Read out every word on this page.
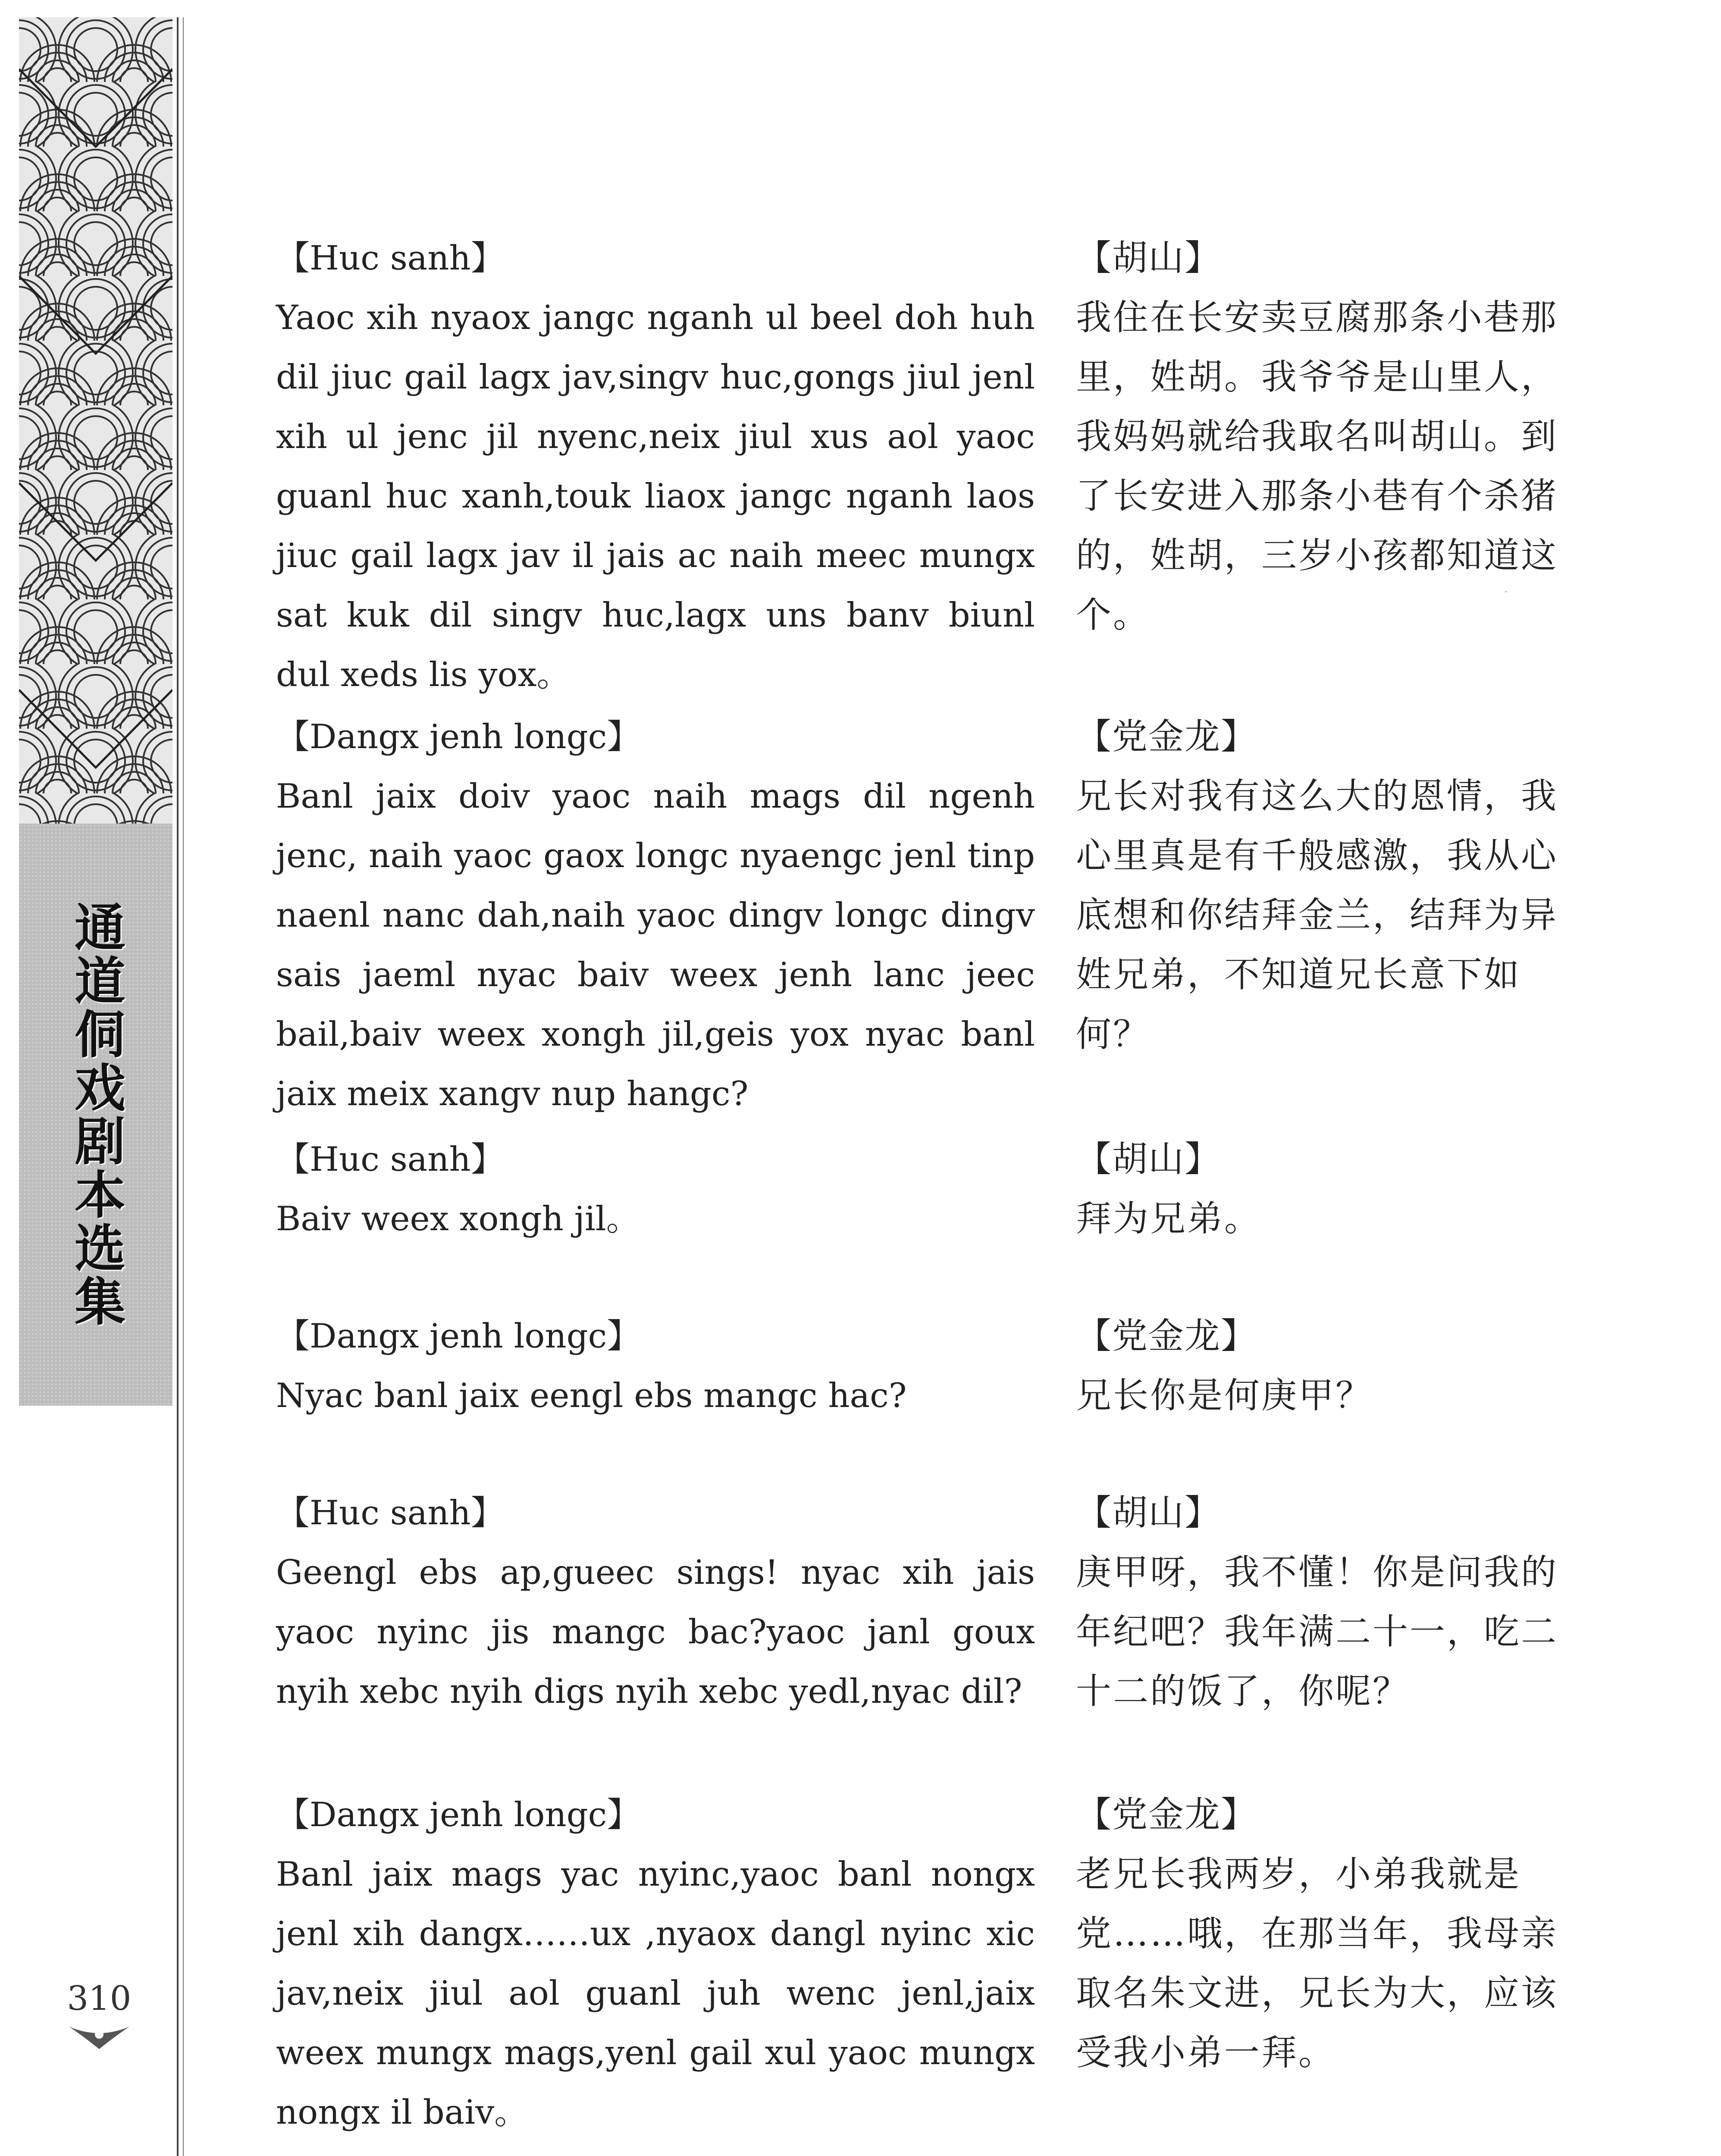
通道侗戏剧本选集
310
【Huc sanh】
Yaoc xih nyaox jangc nganh ul beel doh huh dil jiuc gail lagx jav,singv huc,gongs jiul jenl xih ul jenc jil nyenc,neix jiul xus aol yaoc guanl huc xanh,touk liaox jangc nganh laos jiuc gail lagx jav il jais ac naih meec mungx sat kuk dil singv huc,lagx uns banv biunl dul xeds lis yox。
【胡山】
我住在长安卖豆腐那条小巷那里，姓胡。我爷爷是山里人，我妈妈就给我取名叫胡山。到了长安进入那条小巷有个杀猪的，姓胡，三岁小孩都知道这个。
【Dangx jenh longc】
Banl jaix doiv yaoc naih mags dil ngenh jenc, naih yaoc gaox longc nyaengc jenl tinp naenl nanc dah,naih yaoc dingv longc dingv sais jaeml nyac baiv weex jenh lanc jeec bail,baiv weex xongh jil,geis yox nyac banl jaix meix xangv nup hangc?
【党金龙】
兄长对我有这么大的恩情，我心里真是有千般感激，我从心底想和你结拜金兰，结拜为异姓兄弟，不知道兄长意下如何？
【Huc sanh】
Baiv weex xongh jil。
【胡山】
拜为兄弟。
【Dangx jenh longc】
Nyac banl jaix eengl ebs mangc hac?
【党金龙】
兄长你是何庚甲？
【Huc sanh】
Geengl ebs ap,gueec sings! nyac xih jais yaoc nyinc jis mangc bac?yaoc janl goux nyih xebc nyih digs nyih xebc yedl,nyac dil?
【胡山】
庚甲呀，我不懂！你是问我的年纪吧？我年满二十一，吃二十二的饭了，你呢？
【Dangx jenh longc】
Banl jaix mags yac nyinc,yaoc banl nongx jenl xih dangx……ux ,nyaox dangl nyinc xic jav,neix jiul aol guanl juh wenc jenl,jaix weex mungx mags,yenl gail xul yaoc mungx nongx il baiv。
【党金龙】
老兄长我两岁，小弟我就是党……哦，在那当年，我母亲取名朱文进，兄长为大，应该受我小弟一拜。
